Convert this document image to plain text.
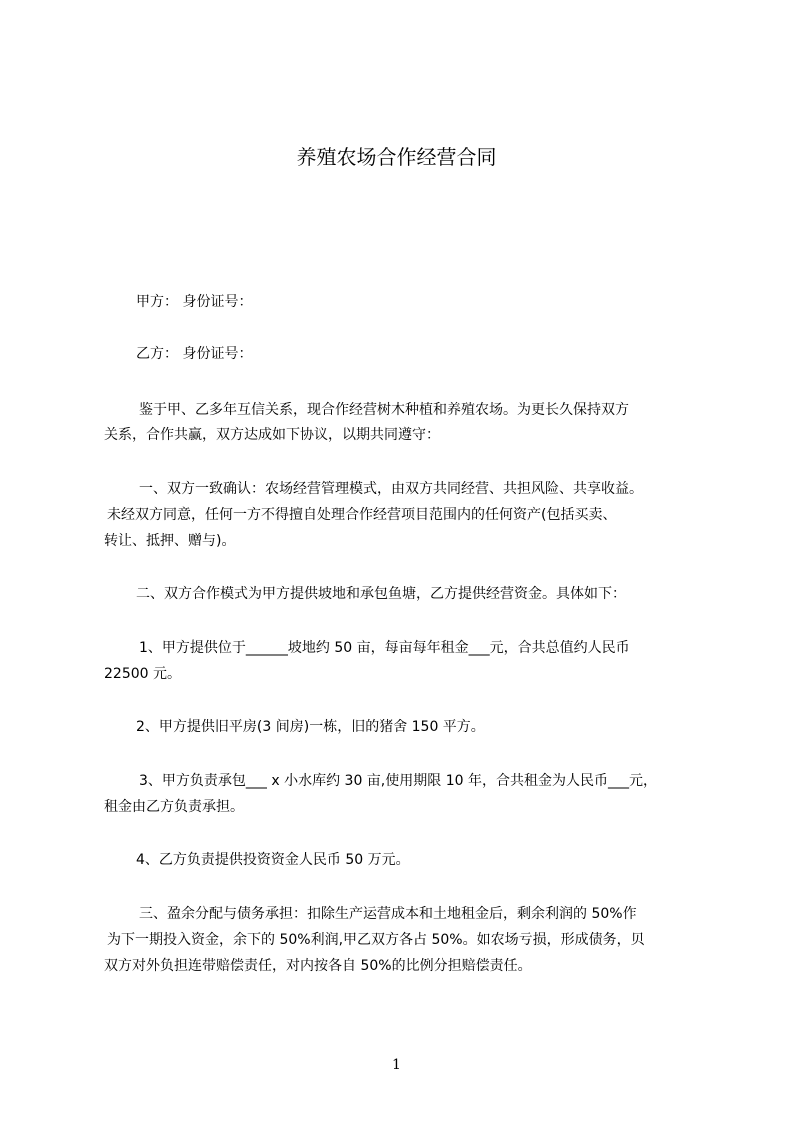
养殖农场合作经营合同
甲方： 身份证号：
乙方： 身份证号：
鉴于甲、乙多年互信关系，现合作经营树木种植和养殖农场。为更长久保持双方
关系，合作共赢，双方达成如下协议，以期共同遵守：
一、双方一致确认：农场经营管理模式，由双方共同经营、共担风险、共享收益。
未经双方同意，任何一方不得擅自处理合作经营项目范围内的任何资产(包括买卖、
转让、抵押、赠与)。
二、双方合作模式为甲方提供坡地和承包鱼塘，乙方提供经营资金。具体如下：
1、甲方提供位于______坡地约 50 亩，每亩每年租金___元，合共总值约人民币
22500 元。
2、甲方提供旧平房(3 间房)一栋，旧的猪舍 150 平方。
3、甲方负责承包___ x 小水库约 30 亩,使用期限 10 年，合共租金为人民币___元，
租金由乙方负责承担。
4、乙方负责提供投资资金人民币 50 万元。
三、盈余分配与债务承担：扣除生产运营成本和土地租金后，剩余利润的 50%作
为下一期投入资金，余下的 50%利润,甲乙双方各占 50%。如农场亏损，形成债务，贝
双方对外负担连带赔偿责任，对内按各自 50%的比例分担赔偿责任。
1
